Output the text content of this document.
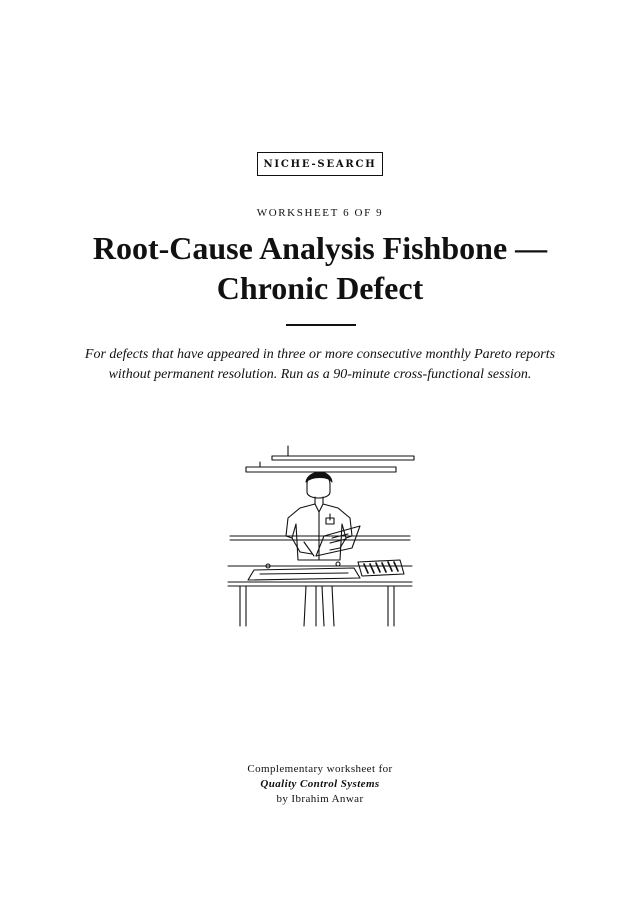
NICHE-SEARCH
WORKSHEET 6 OF 9
Root-Cause Analysis Fishbone —
Chronic Defect

For defects that have appeared in three or more consecutive monthly Pareto reports
without permanent resolution. Run as a 90-minute cross-functional session.

Complementary worksheet for
Quality Control Systems
by Ibrahim Anwar
